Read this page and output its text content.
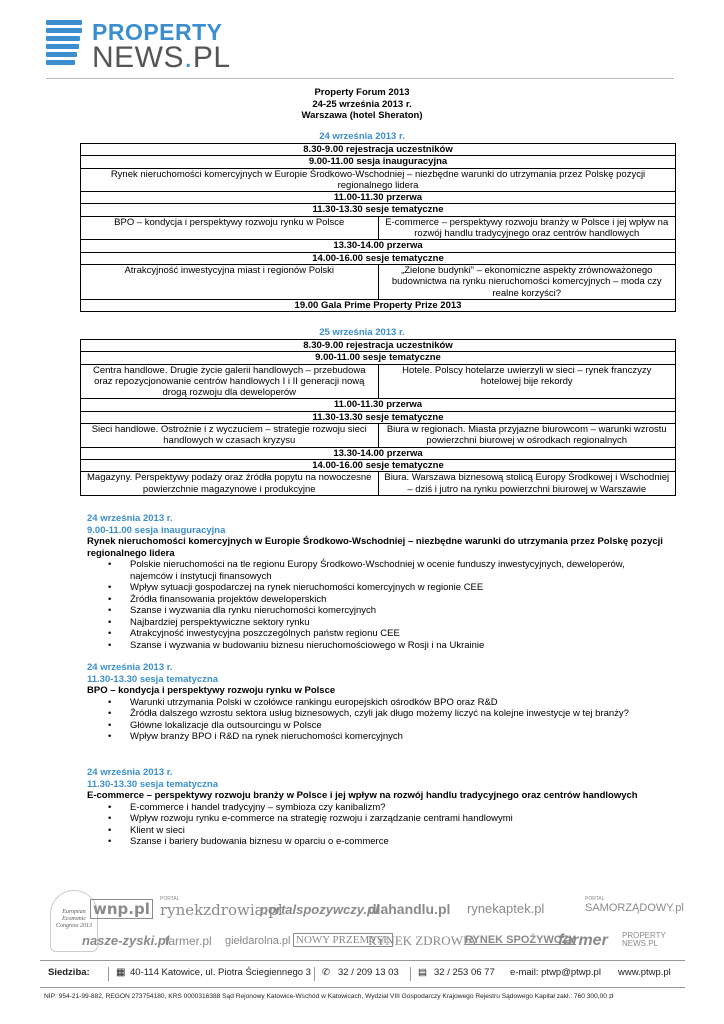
PROPERTY
NEWS.PL
Property Forum 2013
24-25 września 2013 r.
Warszawa (hotel Sheraton)
24 września 2013 r.
8.30-9.00 rejestracja uczestników	
9.00-11.00 sesja inauguracyjna	
Rynek nieruchomości komercyjnych w Europie Środkowo-Wschodniej – niezbędne warunki do utrzymania przez Polskę pozycji regionalnego lidera	
11.00-11.30 przerwa	
11.30-13.30 sesje tematyczne	
BPO – kondycja i perspektywy rozwoju rynku w Polsce	E-commerce – perspektywy rozwoju branży w Polsce i jej wpływ na rozwój handlu tradycyjnego oraz centrów handlowych
13.30-14.00 przerwa	
14.00-16.00 sesje tematyczne	
Atrakcyjność inwestycyjna miast i regionów Polski	„Zielone budynki” – ekonomiczne aspekty zrównoważonego budownictwa na rynku nieruchomości komercyjnych – moda czy realne korzyści?
19.00 Gala Prime Property Prize 2013	
25 września 2013 r.
8.30-9.00 rejestracja uczestników	
9.00-11.00 sesje tematyczne	
Centra handlowe. Drugie życie galerii handlowych – przebudowa oraz repozycjonowanie centrów handlowych I i II generacji nową drogą rozwoju dla deweloperów	Hotele. Polscy hotelarze uwierzyli w sieci – rynek franczyzy hotelowej bije rekordy
11.00-11.30 przerwa	
11.30-13.30 sesje tematyczne	
Sieci handlowe. Ostrożnie i z wyczuciem – strategie rozwoju sieci handlowych w czasach kryzysu	Biura w regionach. Miasta przyjazne biurowcom – warunki wzrostu powierzchni biurowej w ośrodkach regionalnych
13.30-14.00 przerwa	
14.00-16.00 sesje tematyczne	
Magazyny. Perspektywy podaży oraz źródła popytu na nowoczesne powierzchnie magazynowe i produkcyjne	Biura. Warszawa biznesową stolicą Europy Środkowej i Wschodniej – dziś i jutro na rynku powierzchni biurowej w Warszawie
24 września 2013 r.
9.00-11.00 sesja inauguracyjna
Rynek nieruchomości komercyjnych w Europie Środkowo-Wschodniej – niezbędne warunki do utrzymania przez Polskę pozycji regionalnego lidera
• Polskie nieruchomości na tle regionu Europy Środkowo-Wschodniej w ocenie funduszy inwestycyjnych, deweloperów, najemców i instytucji finansowych
• Wpływ sytuacji gospodarczej na rynek nieruchomości komercyjnych w regionie CEE
• Źródła finansowania projektów deweloperskich
• Szanse i wyzwania dla rynku nieruchomości komercyjnych
• Najbardziej perspektywiczne sektory rynku
• Atrakcyjność inwestycyjna poszczególnych państw regionu CEE
• Szanse i wyzwania w budowaniu biznesu nieruchomościowego w Rosji i na Ukrainie
24 września 2013 r.
11.30-13.30 sesja tematyczna
BPO – kondycja i perspektywy rozwoju rynku w Polsce
• Warunki utrzymania Polski w czołówce rankingu europejskich ośrodków BPO oraz R&D
• Źródła dalszego wzrostu sektora usług biznesowych, czyli jak długo możemy liczyć na kolejne inwestycje w tej branży?
• Główne lokalizacje dla outsourcingu w Polsce
• Wpływ branży BPO i R&D na rynek nieruchomości komercyjnych
24 września 2013 r.
11.30-13.30 sesja tematyczna
E-commerce – perspektywy rozwoju branży w Polsce i jej wpływ na rozwój handlu tradycyjnego oraz centrów handlowych
• E-commerce i handel tradycyjny – symbioza czy kanibalizm?
• Wpływ rozwoju rynku e-commerce na strategię rozwoju i zarządzanie centrami handlowymi
• Klient w sieci
• Szanse i bariery budowania biznesu w oparciu o e-commerce
European Economic Congress 2013
wnp.pl
PORTAL
rynekzdrowia.pl
portalspozywczy.pl
dlahandlu.pl rynekaptek.pl
PORTAL
SAMORZĄDOWY.pl
nasze-zyski.pl
farmer.pl giełdarolna.pl NOWY PRZEMYSŁ
RYNEK ZDROWIA
RYNEK SPOŻYWCZY
farmer PROPERTY NEWS.PL
Siedziba:	▦ 40-114 Katowice, ul. Piotra Ściegiennego 3 ✆ 32 / 209 13 03 ▤ 32 / 253 06 77 e-mail: ptwp@ptwp.pl www.ptwp.pl
NIP: 954-21-99-882, REGON 273754180, KRS 0000316388 Sąd Rejonowy Katowice-Wschód w Katowicach, Wydział VIII Gospodarczy Krajowego Rejestru Sądowego Kapitał zakł.: 760 300,00 zł
